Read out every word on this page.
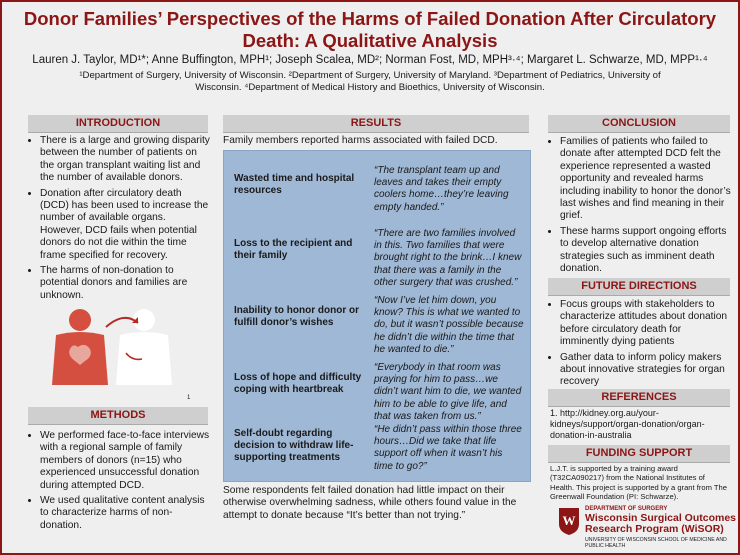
Donor Families’ Perspectives of the Harms of Failed Donation After Circulatory Death: A Qualitative Analysis
Lauren J. Taylor, MD¹*; Anne Buffington, MPH¹; Joseph Scalea, MD²; Norman Fost, MD, MPH³·⁴; Margaret L. Schwarze, MD, MPP¹·⁴
¹Department of Surgery, University of Wisconsin. ²Department of Surgery, University of Maryland. ³Department of Pediatrics, University of Wisconsin. ⁴Department of Medical History and Bioethics, University of Wisconsin.
INTRODUCTION
• There is a large and growing disparity between the number of patients on the organ transplant waiting list and the number of available donors.
• Donation after circulatory death (DCD) has been used to increase the number of available organs. However, DCD fails when potential donors do not die within the time frame specified for recovery.
• The harms of non-donation to potential donors and families are unknown.
1
METHODS
• We performed face-to-face interviews with a regional sample of family members of donors (n=15) who experienced unsuccessful donation during attempted DCD.
• We used qualitative content analysis to characterize harms of non-donation.
RESULTS
Family members reported harms associated with failed DCD.
Wasted time and hospital resources
“The transplant team up and leaves and takes their empty coolers home…they’re leaving empty handed.”
Loss to the recipient and their family
“There are two families involved in this. Two families that were brought right to the brink…I knew that there was a family in the other surgery that was crushed.”
Inability to honor donor or fulfill donor’s wishes
“Now I’ve let him down, you know? This is what we wanted to do, but it wasn’t possible because he didn’t die within the time that he wanted to die.”
Loss of hope and difficulty coping with heartbreak
“Everybody in that room was praying for him to pass…we didn’t want him to die, we wanted him to be able to give life, and that was taken from us.”
Self-doubt regarding decision to withdraw life-supporting treatments
“He didn’t pass within those three hours…Did we take that life support off when it wasn’t his time to go?”
Some respondents felt failed donation had little impact on their otherwise overwhelming sadness, while others found value in the attempt to donate because “It’s better than not trying.”
CONCLUSION
• Families of patients who failed to donate after attempted DCD felt the experience represented a wasted opportunity and revealed harms including inability to honor the donor’s last wishes and find meaning in their grief.
• These harms support ongoing efforts to develop alternative donation strategies such as imminent death donation.
FUTURE DIRECTIONS
• Focus groups with stakeholders to characterize attitudes about donation before circulatory death for imminently dying patients
• Gather data to inform policy makers about innovative strategies for organ recovery
REFERENCES
1. http://kidney.org.au/your-kidneys/support/organ-donation/organ-donation-in-australia
FUNDING SUPPORT
L.J.T. is supported by a training award (T32CA090217) from the National Institutes of Health. This project is supported by a grant from The Greenwall Foundation (PI: Schwarze).
W
DEPARTMENT OF SURGERY
Wisconsin Surgical Outcomes Research Program (WiSOR)
UNIVERSITY OF WISCONSIN SCHOOL OF MEDICINE AND PUBLIC HEALTH
